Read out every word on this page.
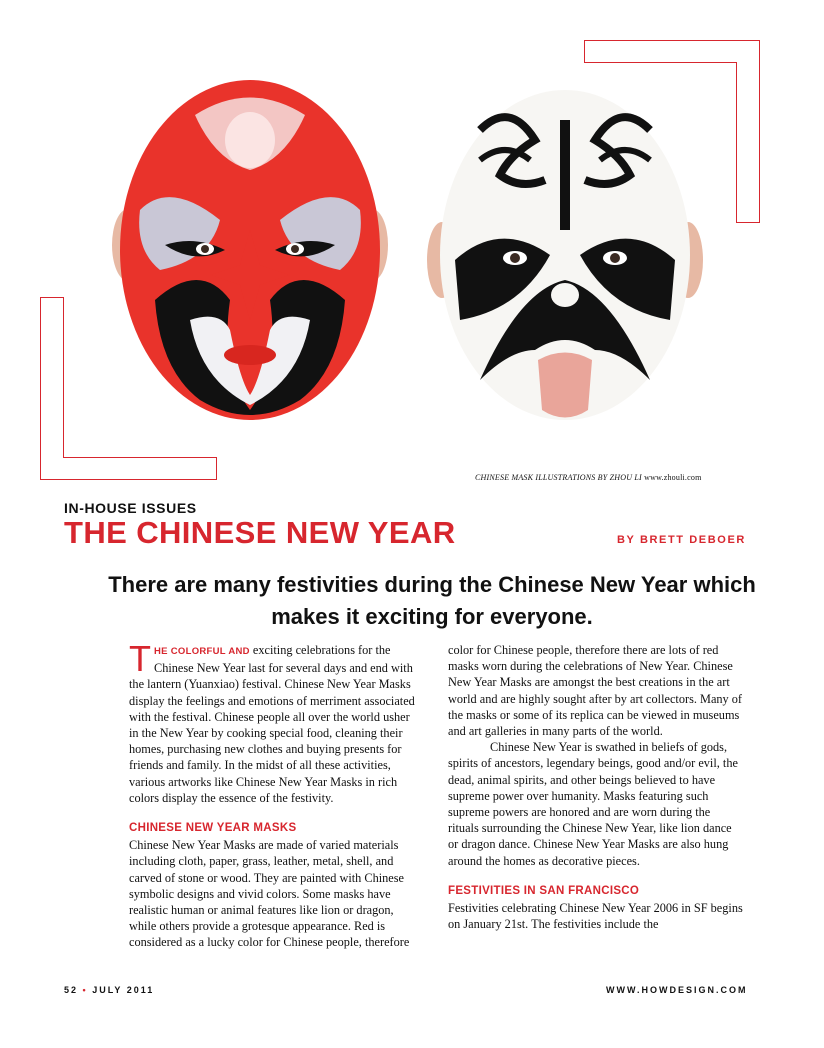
CHINESE MASK ILLUSTRATIONS BY ZHOU LI www.zhouli.com
IN-HOUSE ISSUES
THE CHINESE NEW YEAR	BY BRETT DEBOER
There are many festivities during the Chinese New Year which makes it exciting for everyone.

THE COLORFUL AND exciting celebrations for the Chinese New Year last for several days and end with the lantern (Yuanxiao) festival. Chinese New Year Masks display the feelings and emotions of merriment associated with the festival. Chinese people all over the world usher in the New Year by cooking special food, cleaning their homes, purchasing new clothes and buying presents for friends and family. In the midst of all these activities, various artworks like Chinese New Year Masks in rich colors display the essence of the festivity.

CHINESE NEW YEAR MASKS

Chinese New Year Masks are made of varied materials including cloth, paper, grass, leather, metal, shell, and carved of stone or wood. They are painted with Chinese symbolic designs and vivid colors. Some masks have realistic human or animal features like lion or dragon, while others provide a grotesque appearance. Red is considered as a lucky color for Chinese people, therefore

color for Chinese people, therefore there are lots of red masks worn during the celebrations of New Year. Chinese New Year Masks are amongst the best creations in the art world and are highly sought after by art collectors. Many of the masks or some of its replica can be viewed in museums and art galleries in many parts of the world.

Chinese New Year is swathed in beliefs of gods, spirits of ancestors, legendary beings, good and/or evil, the dead, animal spirits, and other beings believed to have supreme power over humanity. Masks featuring such supreme powers are honored and are worn during the rituals surrounding the Chinese New Year, like lion dance or dragon dance. Chinese New Year Masks are also hung around the homes as decorative pieces.

FESTIVITIES IN SAN FRANCISCO

Festivities celebrating Chinese New Year 2006 in SF begins on January 21st. The festivities include the

52 • JULY 2011	WWW.HOWDESIGN.COM
